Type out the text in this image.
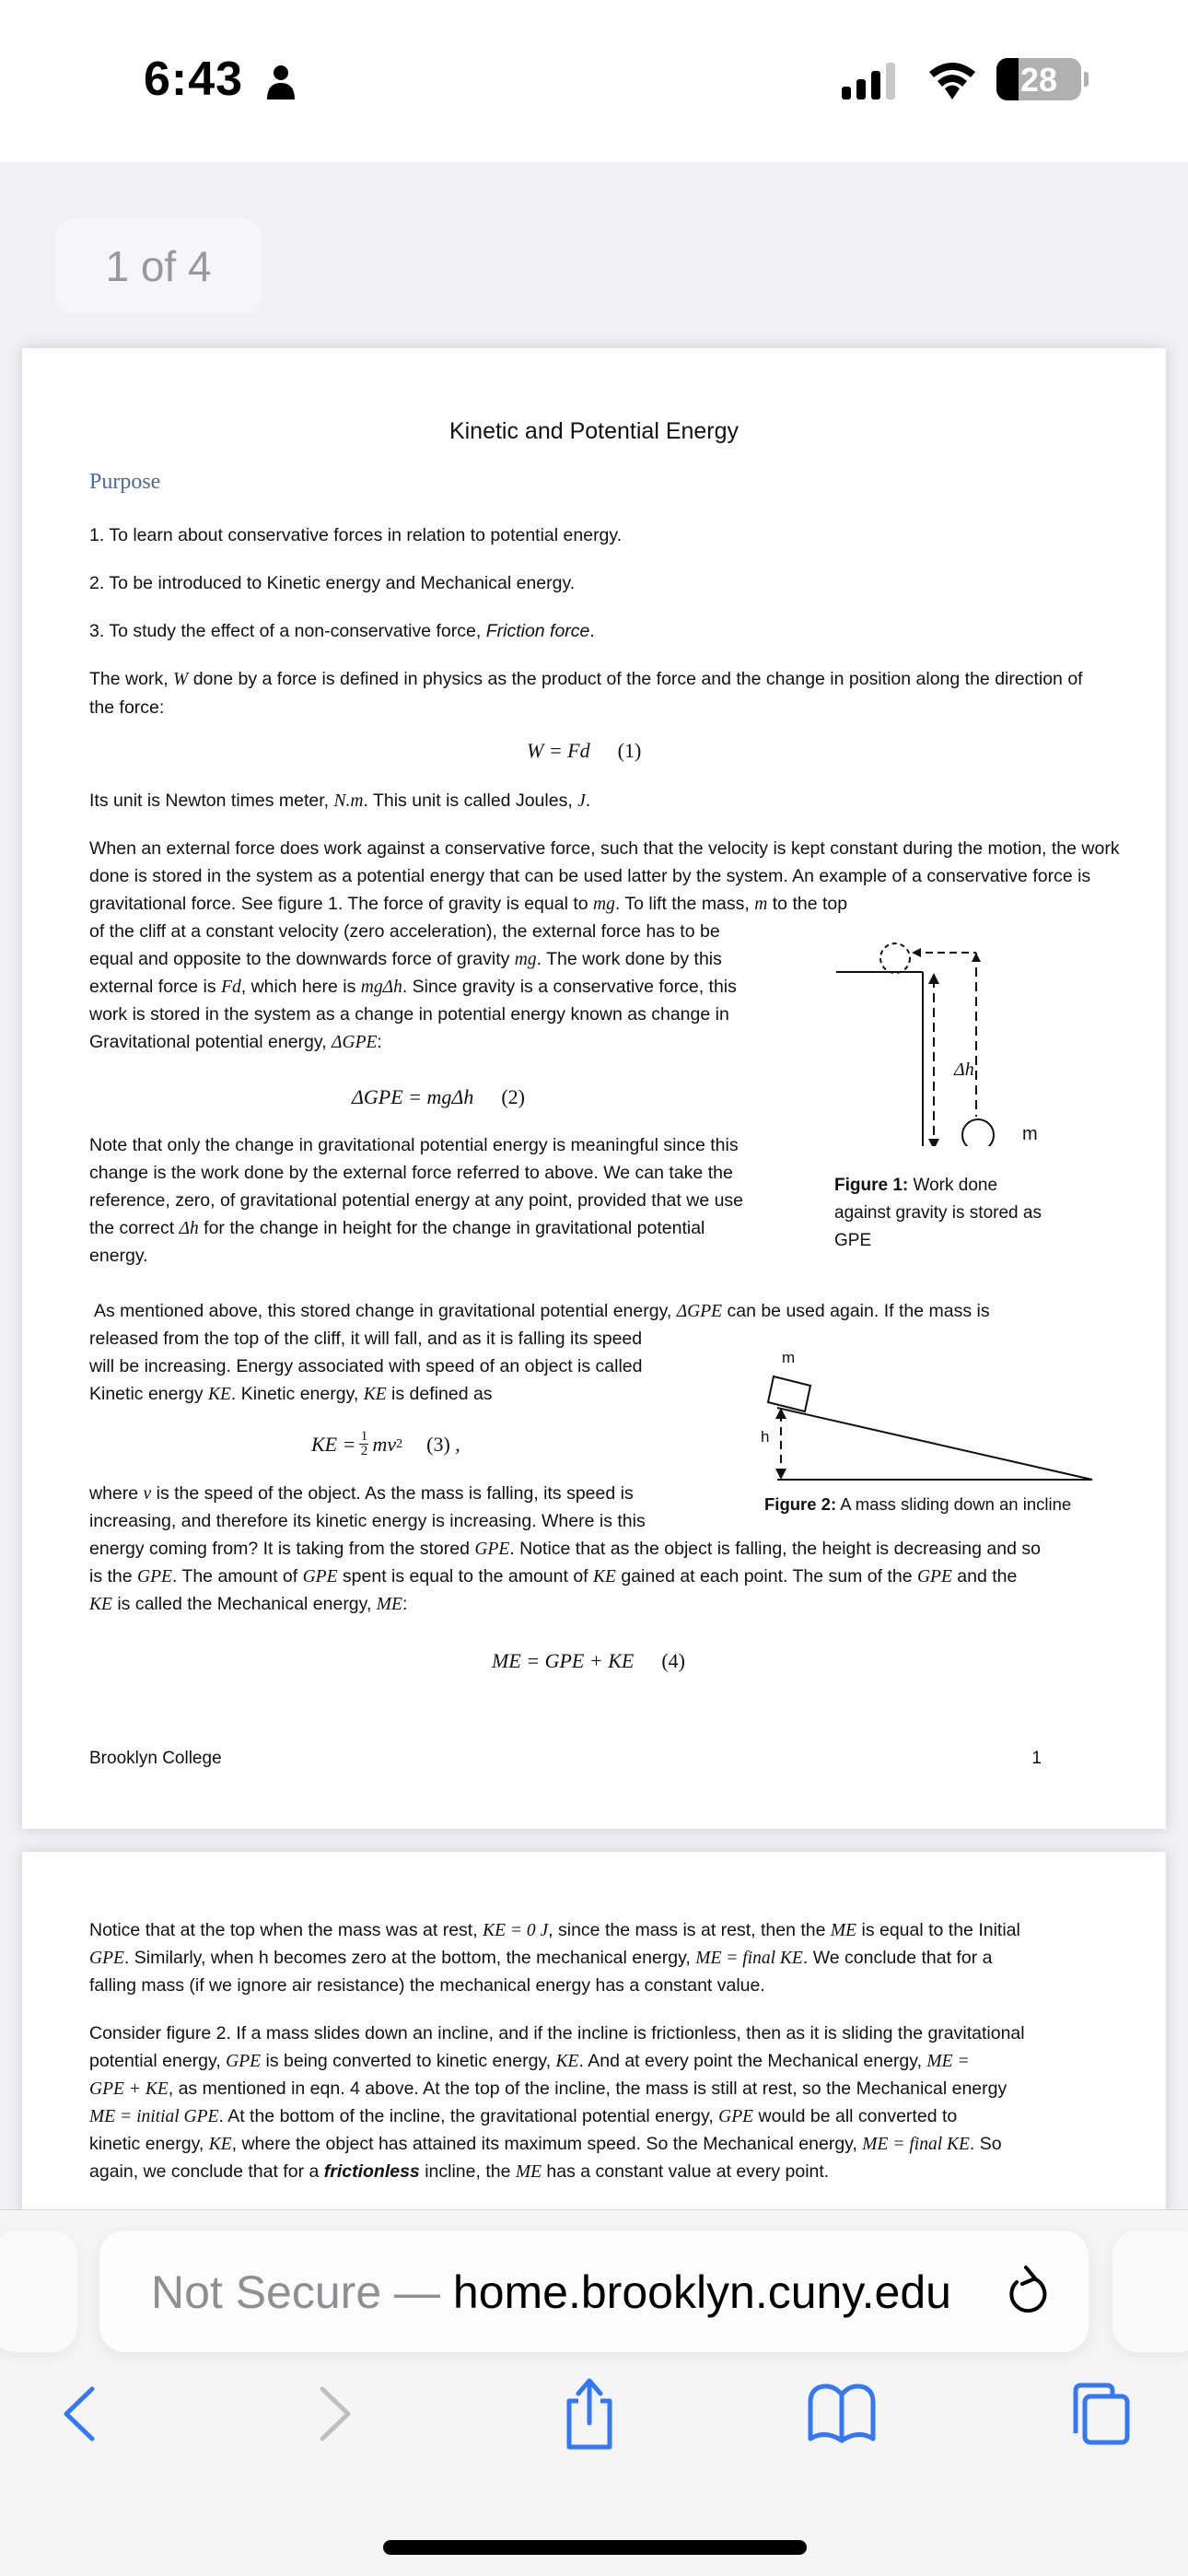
6:43	28
1 of 4
Kinetic and Potential Energy
Purpose
1. To learn about conservative forces in relation to potential energy.
2. To be introduced to Kinetic energy and Mechanical energy.
3. To study the effect of a non-conservative force, Friction force.
The work, W done by a force is defined in physics as the product of the force and the change in position along the direction of the force:
W = Fd (1)
Its unit is Newton times meter, N.m. This unit is called Joules, J.
When an external force does work against a conservative force, such that the velocity is kept constant during the motion, the work done is stored in the system as a potential energy that can be used latter by the system. An example of a conservative force is gravitational force. See figure 1. The force of gravity is equal to mg. To lift the mass, m to the top
of the cliff at a constant velocity (zero acceleration), the external force has to be
equal and opposite to the downwards force of gravity mg. The work done by this
external force is Fd, which here is mgΔh. Since gravity is a conservative force, this
work is stored in the system as a change in potential energy known as change in
Gravitational potential energy, ΔGPE:
ΔGPE = mgΔh (2)
Note that only the change in gravitational potential energy is meaningful since this
change is the work done by the external force referred to above. We can take the
reference, zero, of gravitational potential energy at any point, provided that we use
the correct Δh for the change in height for the change in gravitational potential
energy.
Δh
m
Figure 1: Work done
against gravity is stored as
GPE
As mentioned above, this stored change in gravitational potential energy, ΔGPE can be used again. If the mass is
released from the top of the cliff, it will fall, and as it is falling its speed
will be increasing. Energy associated with speed of an object is called
Kinetic energy KE. Kinetic energy, KE is defined as
KE = 1
2 mv 2 (3) ,
m
h
Figure 2: A mass sliding down an incline
where v is the speed of the object. As the mass is falling, its speed is
increasing, and therefore its kinetic energy is increasing. Where is this
energy coming from? It is taking from the stored GPE. Notice that as the object is falling, the height is decreasing and so
is the GPE. The amount of GPE spent is equal to the amount of KE gained at each point. The sum of the GPE and the
KE is called the Mechanical energy, ME:
ME = GPE + KE (4)
Brooklyn College	1
Notice that at the top when the mass was at rest, KE = 0 J, since the mass is at rest, then the ME is equal to the Initial
GPE. Similarly, when h becomes zero at the bottom, the mechanical energy, ME = final KE. We conclude that for a
falling mass (if we ignore air resistance) the mechanical energy has a constant value.
Consider figure 2. If a mass slides down an incline, and if the incline is frictionless, then as it is sliding the gravitational
potential energy, GPE is being converted to kinetic energy, KE. And at every point the Mechanical energy, ME =
GPE + KE, as mentioned in eqn. 4 above. At the top of the incline, the mass is still at rest, so the Mechanical energy
ME = initial GPE. At the bottom of the incline, the gravitational potential energy, GPE would be all converted to
kinetic energy, KE, where the object has attained its maximum speed. So the Mechanical energy, ME = final KE. So
again, we conclude that for a frictionless incline, the ME has a constant value at every point.
Not Secure — home.brooklyn.cuny.edu
